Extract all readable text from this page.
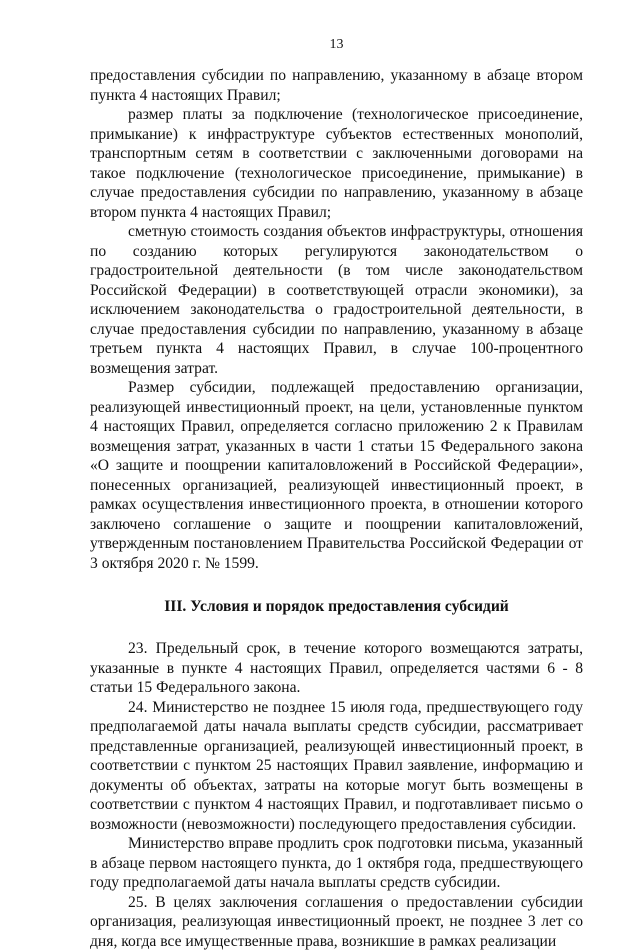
13

предоставления субсидии по направлению, указанному в абзаце втором пункта 4 настоящих Правил;

размер платы за подключение (технологическое присоединение, примыкание) к инфраструктуре субъектов естественных монополий, транспортным сетям в соответствии с заключенными договорами на такое подключение (технологическое присоединение, примыкание) в случае предоставления субсидии по направлению, указанному в абзаце втором пункта 4 настоящих Правил;

сметную стоимость создания объектов инфраструктуры, отношения по созданию которых регулируются законодательством о градостроительной деятельности (в том числе законодательством Российской Федерации) в соответствующей отрасли экономики), за исключением законодательства о градостроительной деятельности, в случае предоставления субсидии по направлению, указанному в абзаце третьем пункта 4 настоящих Правил, в случае 100-процентного возмещения затрат.

Размер субсидии, подлежащей предоставлению организации, реализующей инвестиционный проект, на цели, установленные пунктом 4 настоящих Правил, определяется согласно приложению 2 к Правилам возмещения затрат, указанных в части 1 статьи 15 Федерального закона «О защите и поощрении капиталовложений в Российской Федерации», понесенных организацией, реализующей инвестиционный проект, в рамках осуществления инвестиционного проекта, в отношении которого заключено соглашение о защите и поощрении капиталовложений, утвержденным постановлением Правительства Российской Федерации от 3 октября 2020 г. № 1599.

III. Условия и порядок предоставления субсидий

23. Предельный срок, в течение которого возмещаются затраты, указанные в пункте 4 настоящих Правил, определяется частями 6 - 8 статьи 15 Федерального закона.

24. Министерство не позднее 15 июля года, предшествующего году предполагаемой даты начала выплаты средств субсидии, рассматривает представленные организацией, реализующей инвестиционный проект, в соответствии с пунктом 25 настоящих Правил заявление, информацию и документы об объектах, затраты на которые могут быть возмещены в соответствии с пунктом 4 настоящих Правил, и подготавливает письмо о возможности (невозможности) последующего предоставления субсидии.

Министерство вправе продлить срок подготовки письма, указанный в абзаце первом настоящего пункта, до 1 октября года, предшествующего году предполагаемой даты начала выплаты средств субсидии.

25. В целях заключения соглашения о предоставлении субсидии организация, реализующая инвестиционный проект, не позднее 3 лет со дня, когда все имущественные права, возникшие в рамках реализации
